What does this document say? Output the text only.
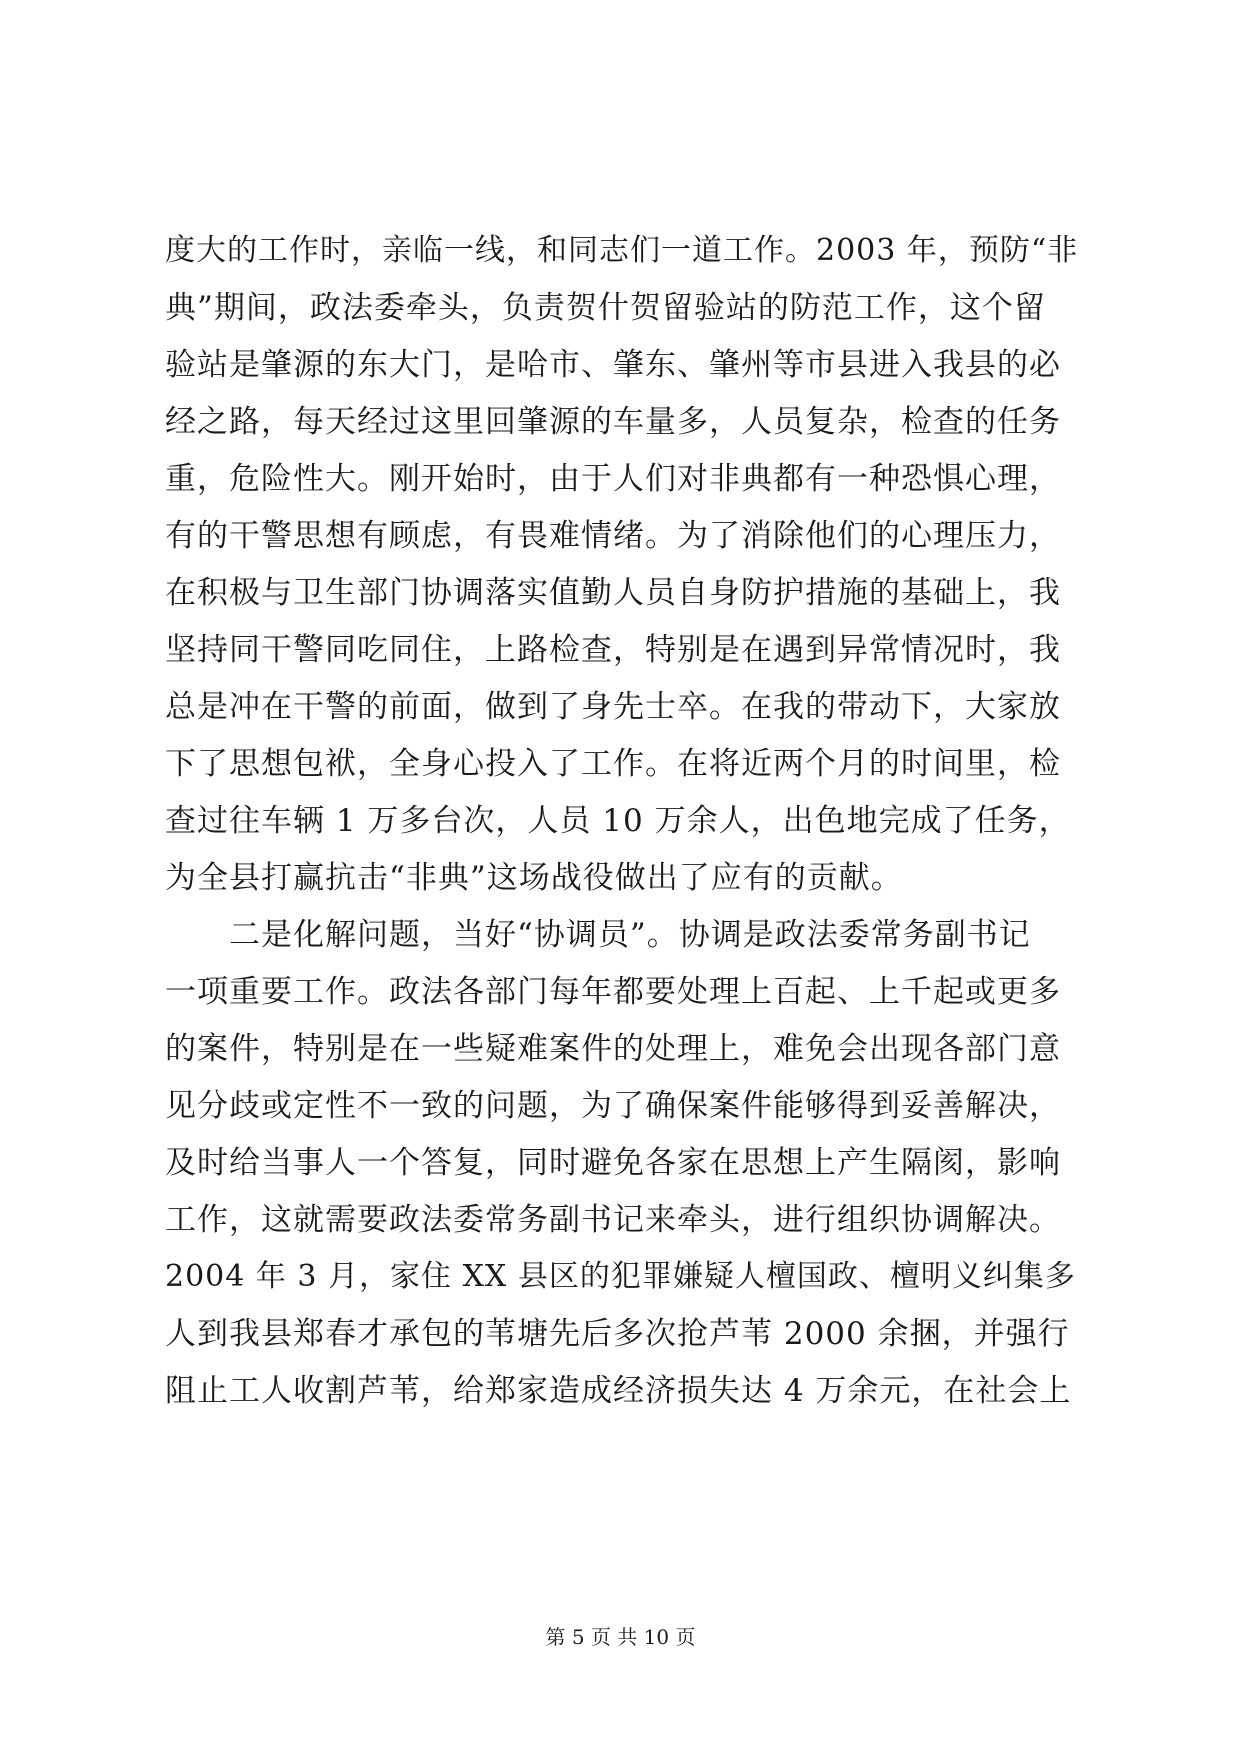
度大的工作时，亲临一线，和同志们一道工作。2003 年，预防“非
典”期间，政法委牵头，负责贺什贺留验站的防范工作，这个留
验站是肇源的东大门，是哈市、肇东、肇州等市县进入我县的必
经之路，每天经过这里回肇源的车量多，人员复杂，检查的任务
重，危险性大。刚开始时，由于人们对非典都有一种恐惧心理，
有的干警思想有顾虑，有畏难情绪。为了消除他们的心理压力，
在积极与卫生部门协调落实值勤人员自身防护措施的基础上，我
坚持同干警同吃同住，上路检查，特别是在遇到异常情况时，我
总是冲在干警的前面，做到了身先士卒。在我的带动下，大家放
下了思想包袱，全身心投入了工作。在将近两个月的时间里，检
查过往车辆 1 万多台次，人员 10 万余人，出色地完成了任务，
为全县打赢抗击“非典”这场战役做出了应有的贡献。
二是化解问题，当好“协调员”。协调是政法委常务副书记
一项重要工作。政法各部门每年都要处理上百起、上千起或更多
的案件，特别是在一些疑难案件的处理上，难免会出现各部门意
见分歧或定性不一致的问题，为了确保案件能够得到妥善解决，
及时给当事人一个答复，同时避免各家在思想上产生隔阂，影响
工作，这就需要政法委常务副书记来牵头，进行组织协调解决。
2004 年 3 月，家住 XX 县区的犯罪嫌疑人檀国政、檀明义纠集多
人到我县郑春才承包的苇塘先后多次抢芦苇 2000 余捆，并强行
阻止工人收割芦苇，给郑家造成经济损失达 4 万余元，在社会上
第 5 页 共 10 页
